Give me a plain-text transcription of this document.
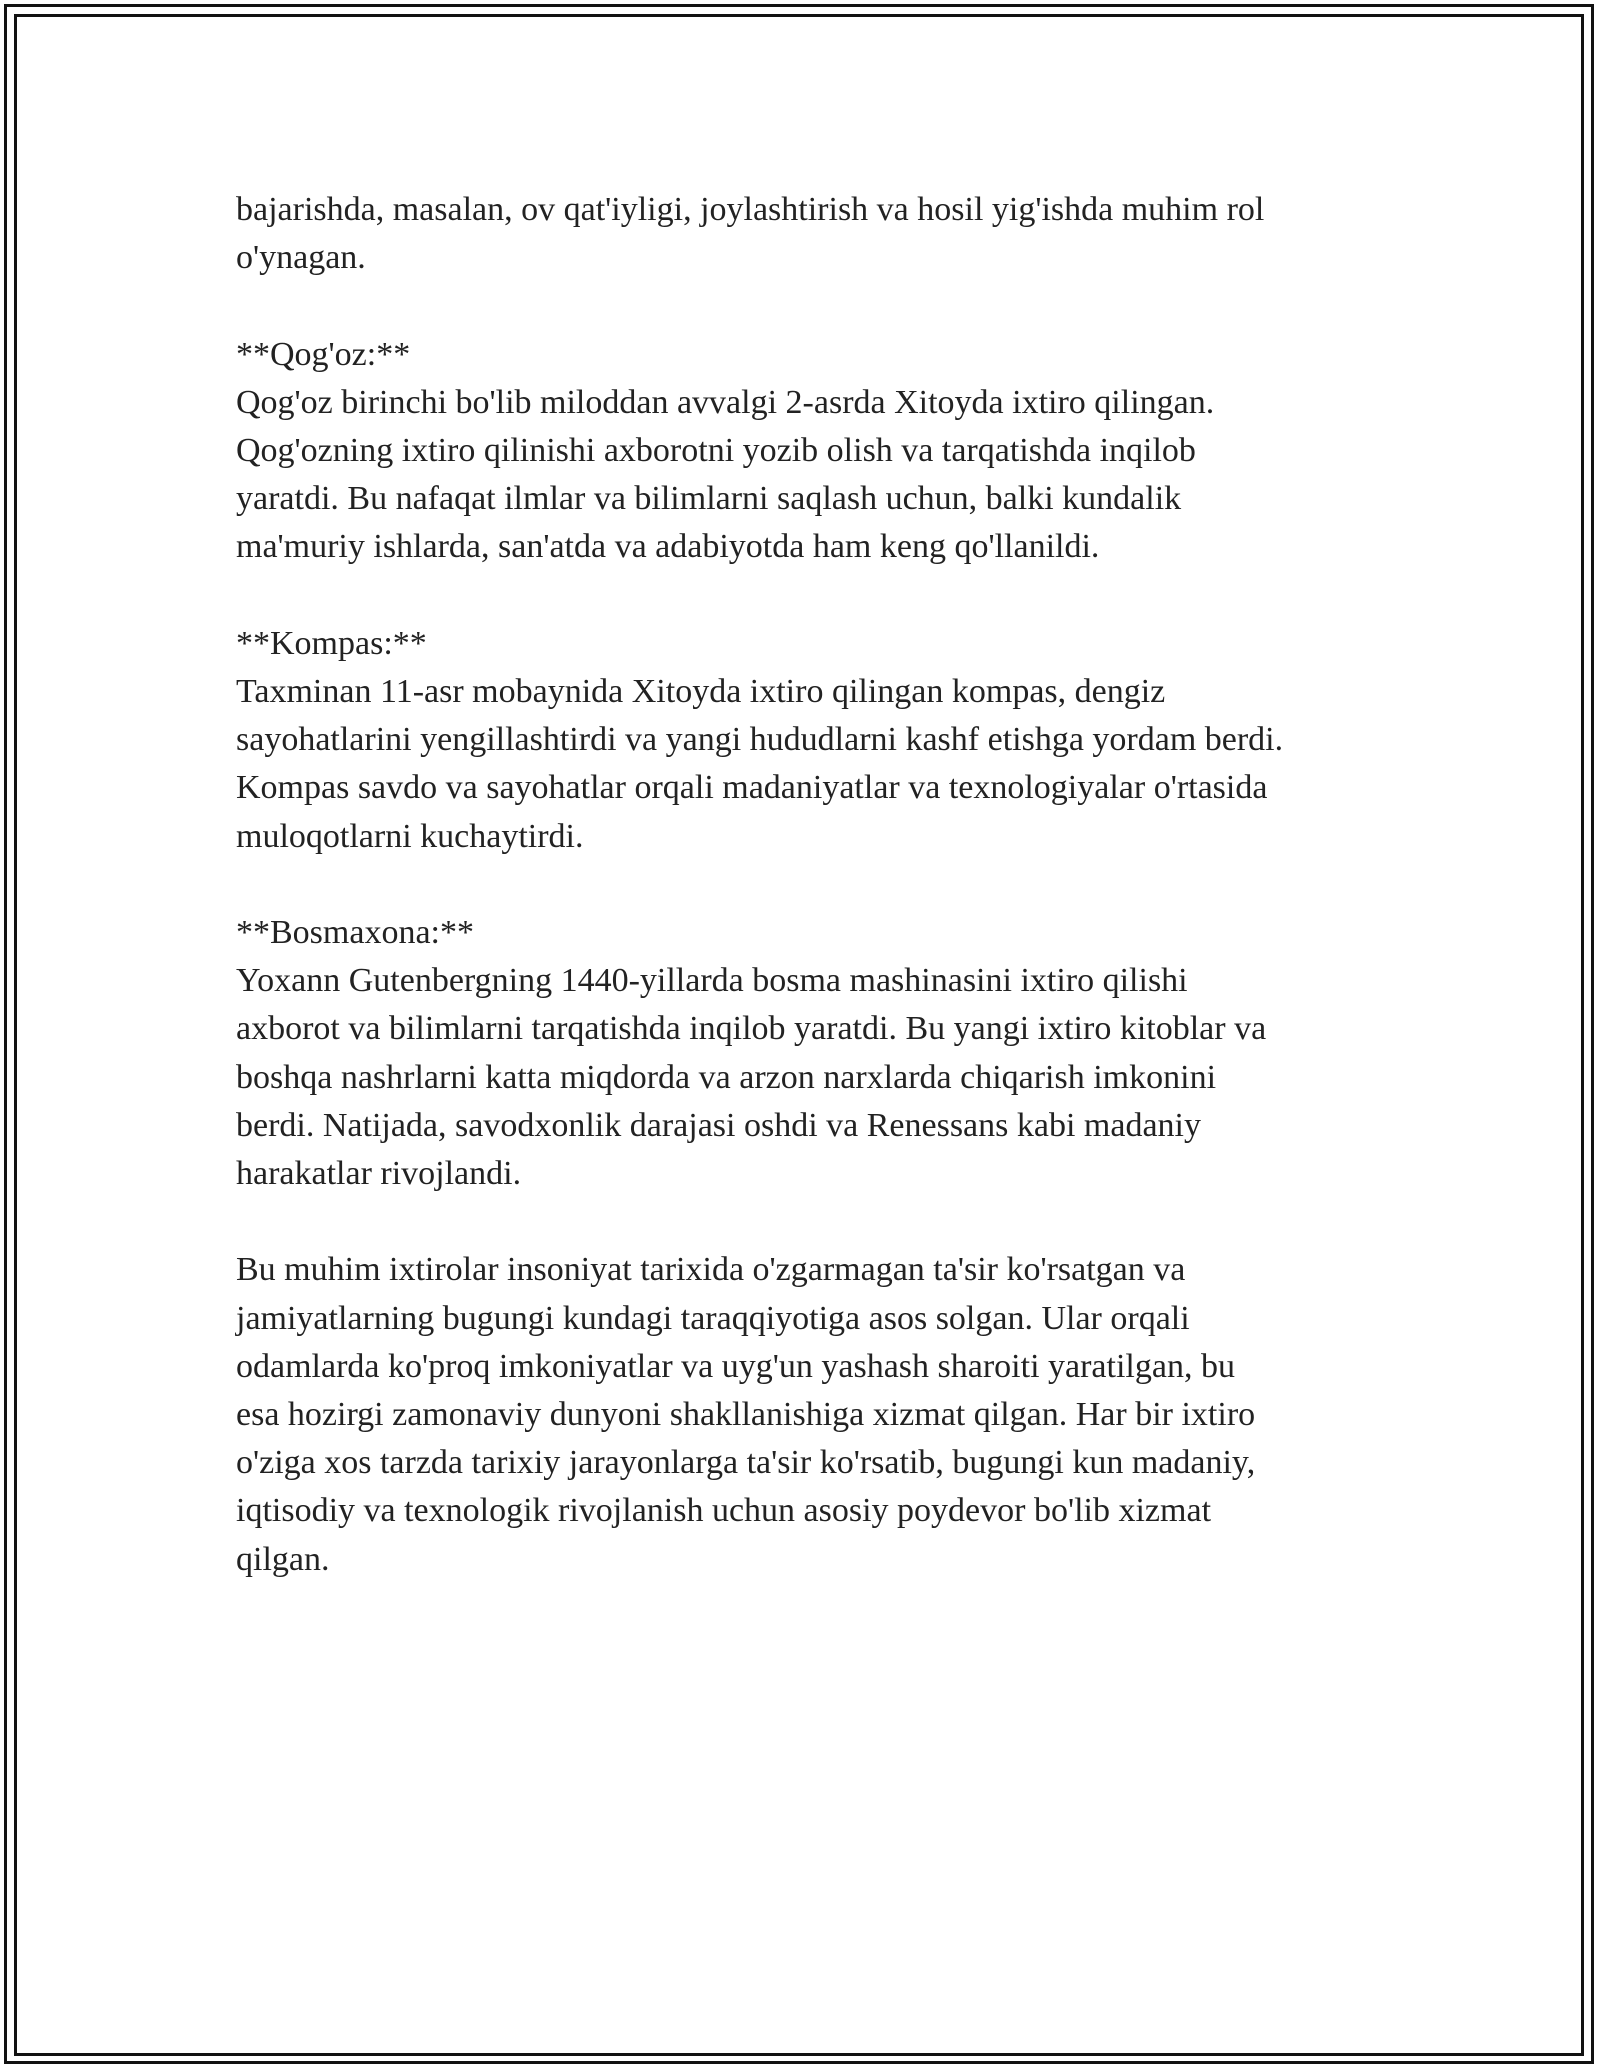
bajarishda, masalan, ov qat'iyligi, joylashtirish va hosil yig'ishda muhim rol
o'ynagan.
**Qog'oz:**
Qog'oz birinchi bo'lib miloddan avvalgi 2-asrda Xitoyda ixtiro qilingan.
Qog'ozning ixtiro qilinishi axborotni yozib olish va tarqatishda inqilob
yaratdi. Bu nafaqat ilmlar va bilimlarni saqlash uchun, balki kundalik
ma'muriy ishlarda, san'atda va adabiyotda ham keng qo'llanildi.
**Kompas:**
Taxminan 11-asr mobaynida Xitoyda ixtiro qilingan kompas, dengiz
sayohatlarini yengillashtirdi va yangi hududlarni kashf etishga yordam berdi.
Kompas savdo va sayohatlar orqali madaniyatlar va texnologiyalar o'rtasida
muloqotlarni kuchaytirdi.
**Bosmaxona:**
Yoxann Gutenbergning 1440-yillarda bosma mashinasini ixtiro qilishi
axborot va bilimlarni tarqatishda inqilob yaratdi. Bu yangi ixtiro kitoblar va
boshqa nashrlarni katta miqdorda va arzon narxlarda chiqarish imkonini
berdi. Natijada, savodxonlik darajasi oshdi va Renessans kabi madaniy
harakatlar rivojlandi.
Bu muhim ixtirolar insoniyat tarixida o'zgarmagan ta'sir ko'rsatgan va
jamiyatlarning bugungi kundagi taraqqiyotiga asos solgan. Ular orqali
odamlarda ko'proq imkoniyatlar va uyg'un yashash sharoiti yaratilgan, bu
esa hozirgi zamonaviy dunyoni shakllanishiga xizmat qilgan. Har bir ixtiro
o'ziga xos tarzda tarixiy jarayonlarga ta'sir ko'rsatib, bugungi kun madaniy,
iqtisodiy va texnologik rivojlanish uchun asosiy poydevor bo'lib xizmat
qilgan.
